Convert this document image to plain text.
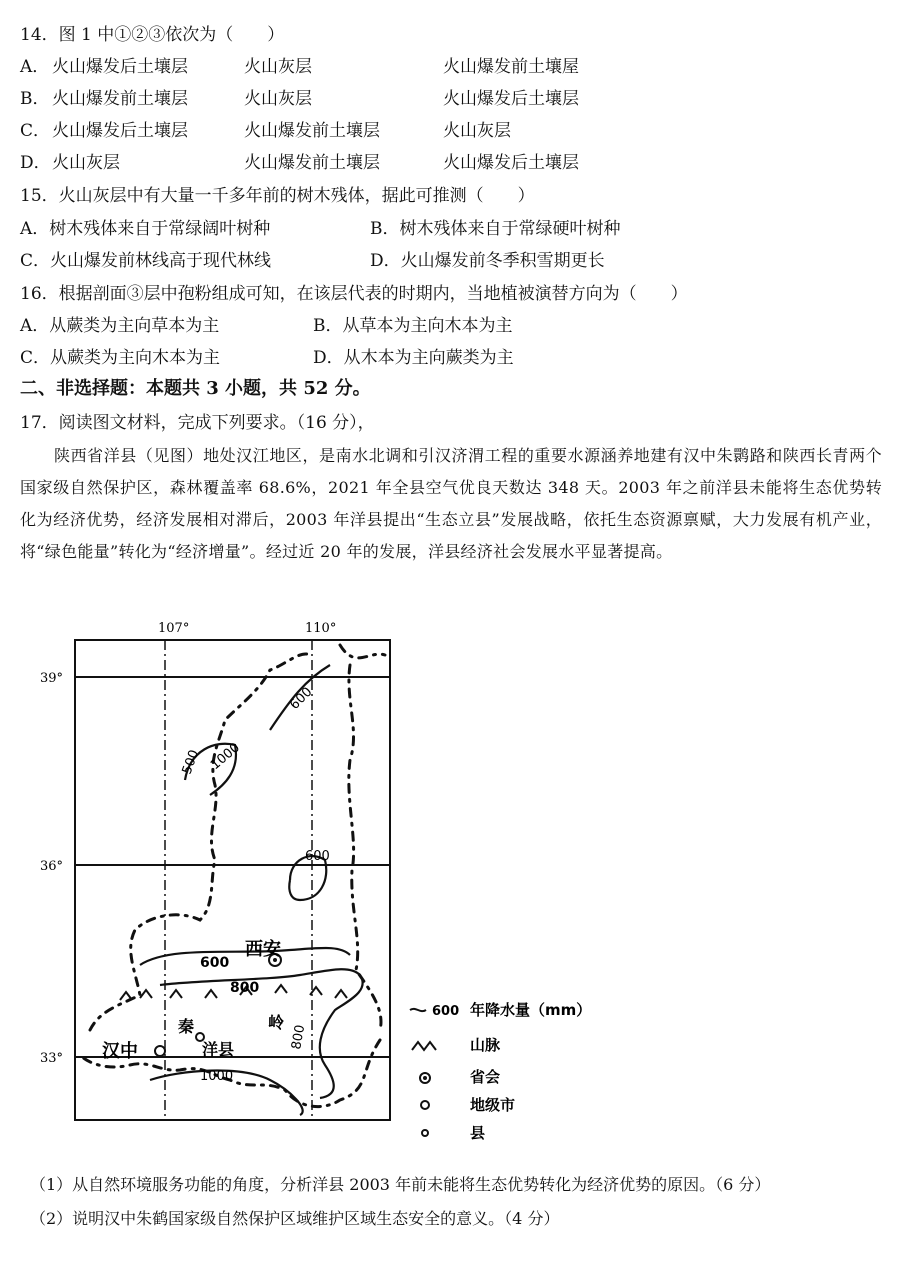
14．图 1 中①②③依次为（　　）
A． 火山爆发后土壤层	火山灰层	火山爆发前土壤屋
B． 火山爆发前土壤层	火山灰层	火山爆发后土壤层
C． 火山爆发后土壤层	火山爆发前土壤层	火山灰层
D． 火山灰层	火山爆发前土壤层	火山爆发后土壤层
15．火山灰层中有大量一千多年前的树木残体，据此可推测（　　）
A．树木残体来自于常绿阔叶树种	B．树木残体来自于常绿硬叶树种
C．火山爆发前林线高于现代林线	D．火山爆发前冬季积雪期更长
16．根据剖面③层中孢粉组成可知，在该层代表的时期内，当地植被演替方向为（　　）
A．从蕨类为主向草本为主	B．从草本为主向木本为主
C．从蕨类为主向木本为主	D．从木本为主向蕨类为主
二、非选择题：本题共 3 小题，共 52 分。
17．阅读图文材料，完成下列要求。（16 分），
陕西省洋县（见图）地处汉江地区，是南水北调和引汉济渭工程的重要水源涵养地建有汉中朱鹮路和陕西长青两个国家级自然保护区，森林覆盖率 68.6%，2021 年全县空气优良天数达 348 天。2003 年之前洋县未能将生态优势转化为经济优势，经济发展相对滞后，2003 年洋县提出“生态立县”发展战略，依托生态资源禀赋，大力发展有机产业，将“绿色能量”转化为“经济增量”。经过近 20 年的发展，洋县经济社会发展水平显著提高。
107°	110°
39°
36°
33°
600
500 1000
600
600
800
800
1000
西安
汉中	洋县
秦	岭
600 年降水量（mm）
山脉
省会
地级市
县
（1）从自然环境服务功能的角度，分析洋县 2003 年前未能将生态优势转化为经济优势的原因。（6 分）
（2）说明汉中朱鹤国家级自然保护区域维护区域生态安全的意义。（4 分）
